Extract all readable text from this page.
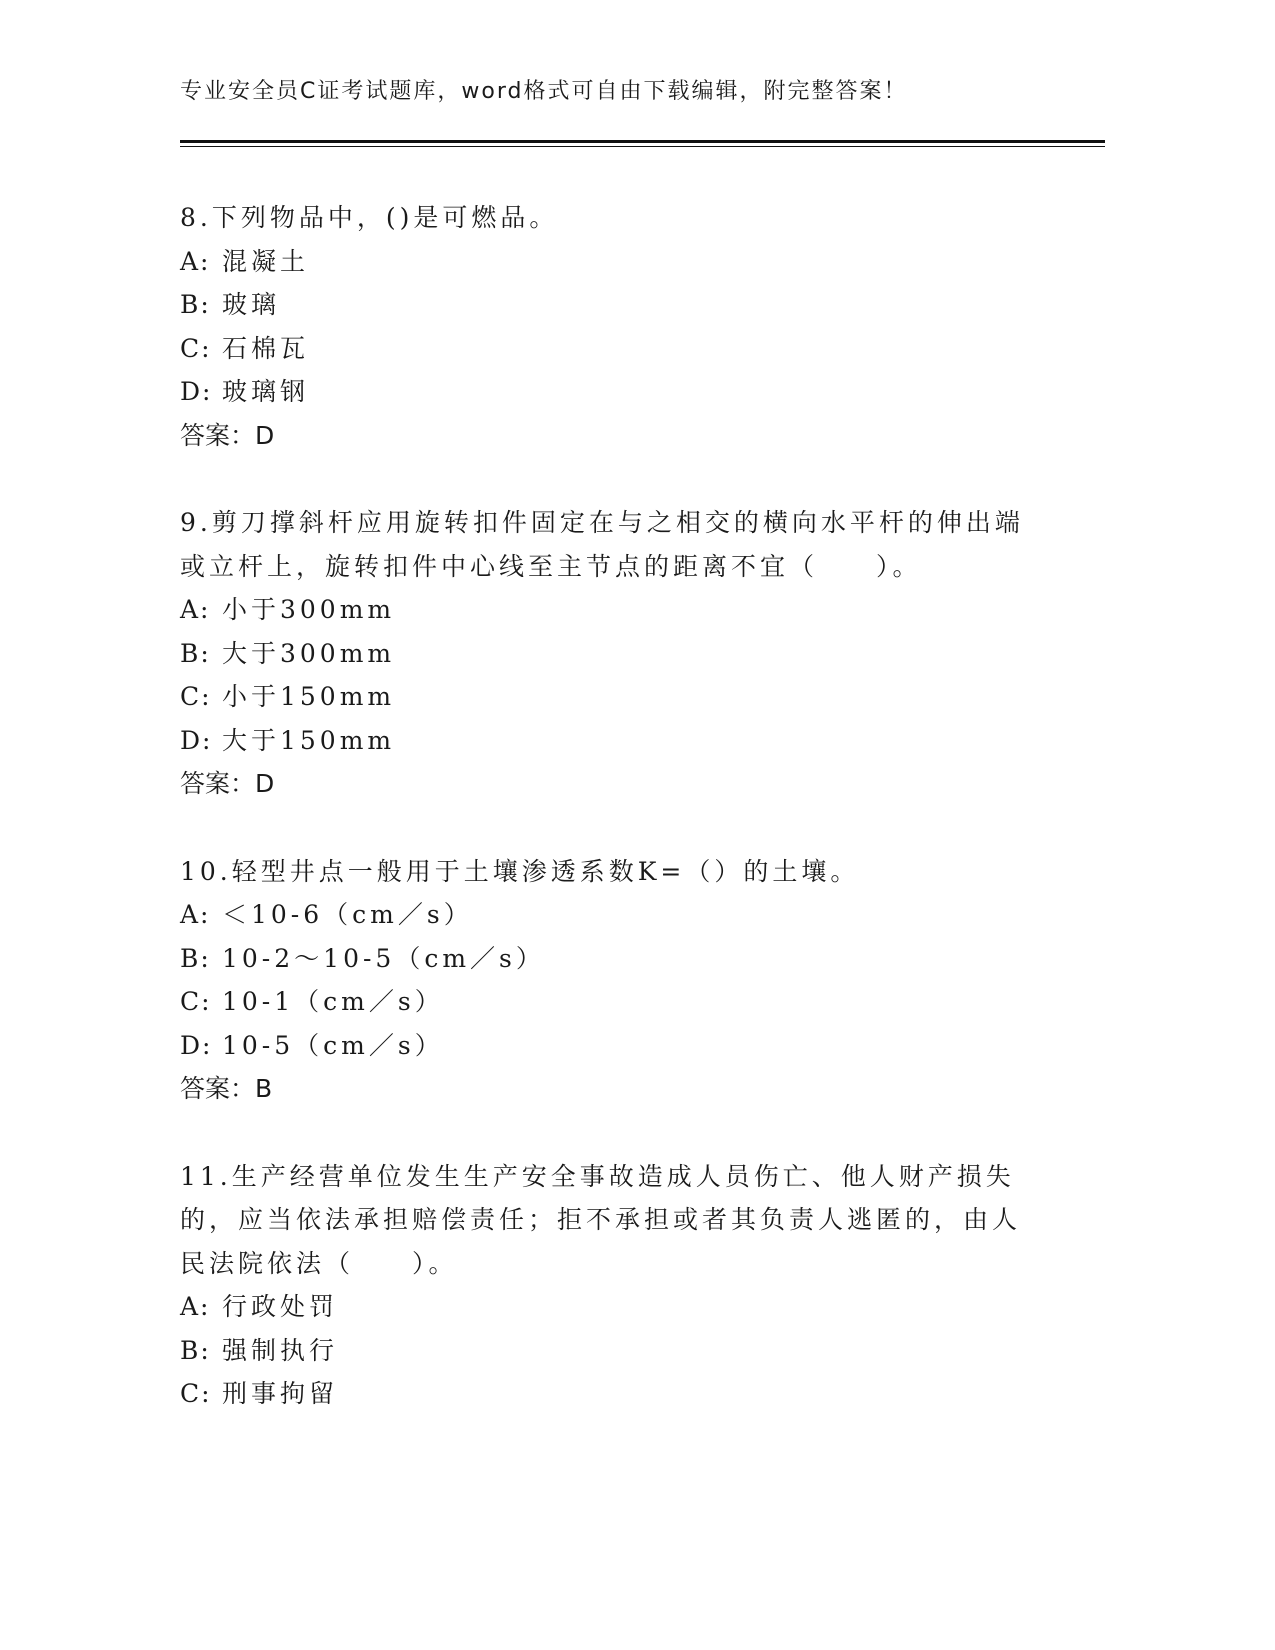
专业安全员C证考试题库，word格式可自由下载编辑，附完整答案！

8.下列物品中，()是可燃品。

A: 混凝土

B: 玻璃

C: 石棉瓦

D: 玻璃钢

答案：D

9.剪刀撑斜杆应用旋转扣件固定在与之相交的横向水平杆的伸出端或立杆上，旋转扣件中心线至主节点的距离不宜（　　）。

A: 小于300mm

B: 大于300mm

C: 小于150mm

D: 大于150mm

答案：D

10.轻型井点一般用于土壤渗透系数K=（）的土壤。

A: ＜10-6（cm／s）

B: 10-2～10-5（cm／s）

C: 10-1（cm／s）

D: 10-5（cm／s）

答案：B

11.生产经营单位发生生产安全事故造成人员伤亡、他人财产损失的，应当依法承担赔偿责任；拒不承担或者其负责人逃匿的，由人民法院依法（　　）。

A: 行政处罚

B: 强制执行

C: 刑事拘留
